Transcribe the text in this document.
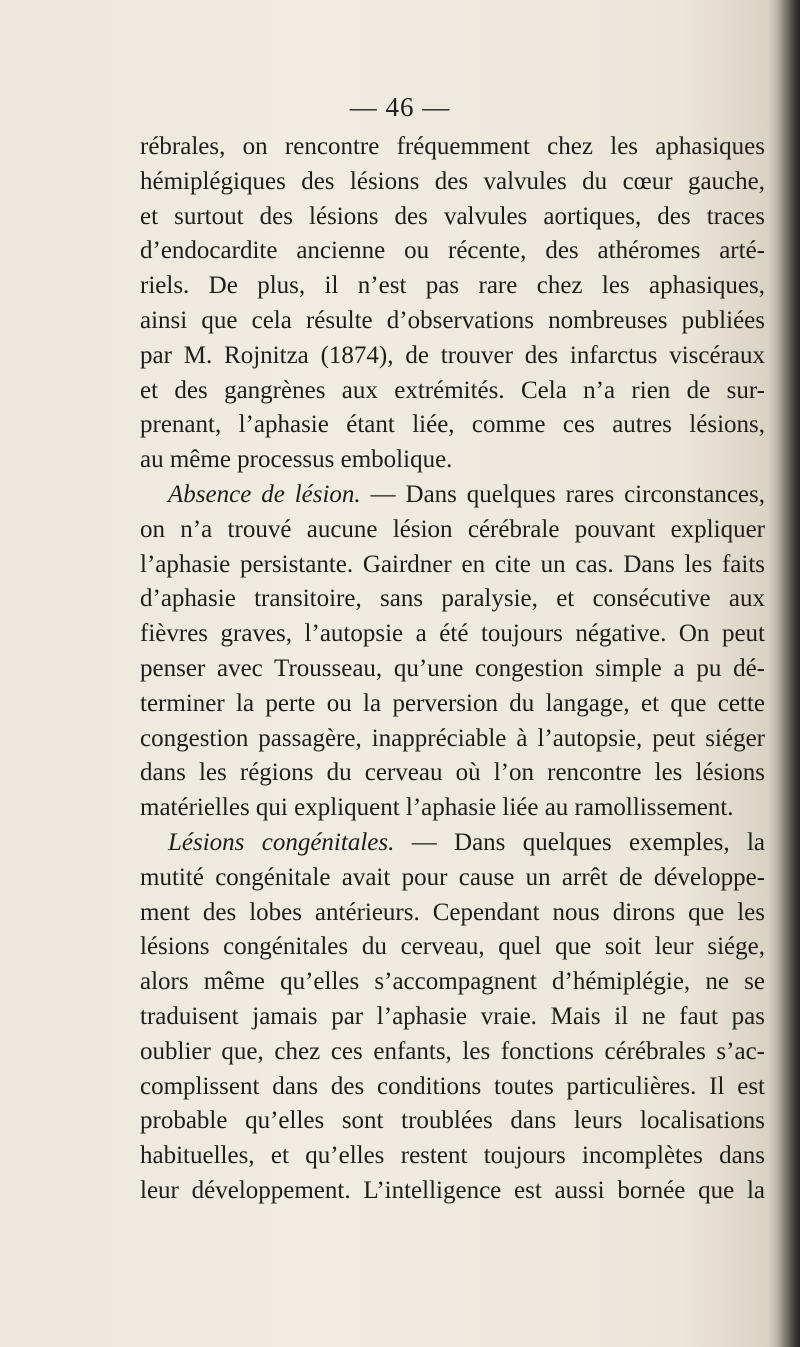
— 46 —
rébrales, on rencontre fréquemment chez les aphasiques
hémiplégiques des lésions des valvules du cœur gauche,
et surtout des lésions des valvules aortiques, des traces
d’endocardite ancienne ou récente, des athéromes arté-
riels. De plus, il n’est pas rare chez les aphasiques,
ainsi que cela résulte d’observations nombreuses publiées
par M. Rojnitza (1874), de trouver des infarctus viscéraux
et des gangrènes aux extrémités. Cela n’a rien de sur-
prenant, l’aphasie étant liée, comme ces autres lésions,
au même processus embolique.
Absence de lésion. — Dans quelques rares circonstances,
on n’a trouvé aucune lésion cérébrale pouvant expliquer
l’aphasie persistante. Gairdner en cite un cas. Dans les faits
d’aphasie transitoire, sans paralysie, et consécutive aux
fièvres graves, l’autopsie a été toujours négative. On peut
penser avec Trousseau, qu’une congestion simple a pu dé-
terminer la perte ou la perversion du langage, et que cette
congestion passagère, inappréciable à l’autopsie, peut siéger
dans les régions du cerveau où l’on rencontre les lésions
matérielles qui expliquent l’aphasie liée au ramollissement.
Lésions congénitales. — Dans quelques exemples, la
mutité congénitale avait pour cause un arrêt de développe-
ment des lobes antérieurs. Cependant nous dirons que les
lésions congénitales du cerveau, quel que soit leur siége,
alors même qu’elles s’accompagnent d’hémiplégie, ne se
traduisent jamais par l’aphasie vraie. Mais il ne faut pas
oublier que, chez ces enfants, les fonctions cérébrales s’ac-
complissent dans des conditions toutes particulières. Il est
probable qu’elles sont troublées dans leurs localisations
habituelles, et qu’elles restent toujours incomplètes dans
leur développement. L’intelligence est aussi bornée que la
